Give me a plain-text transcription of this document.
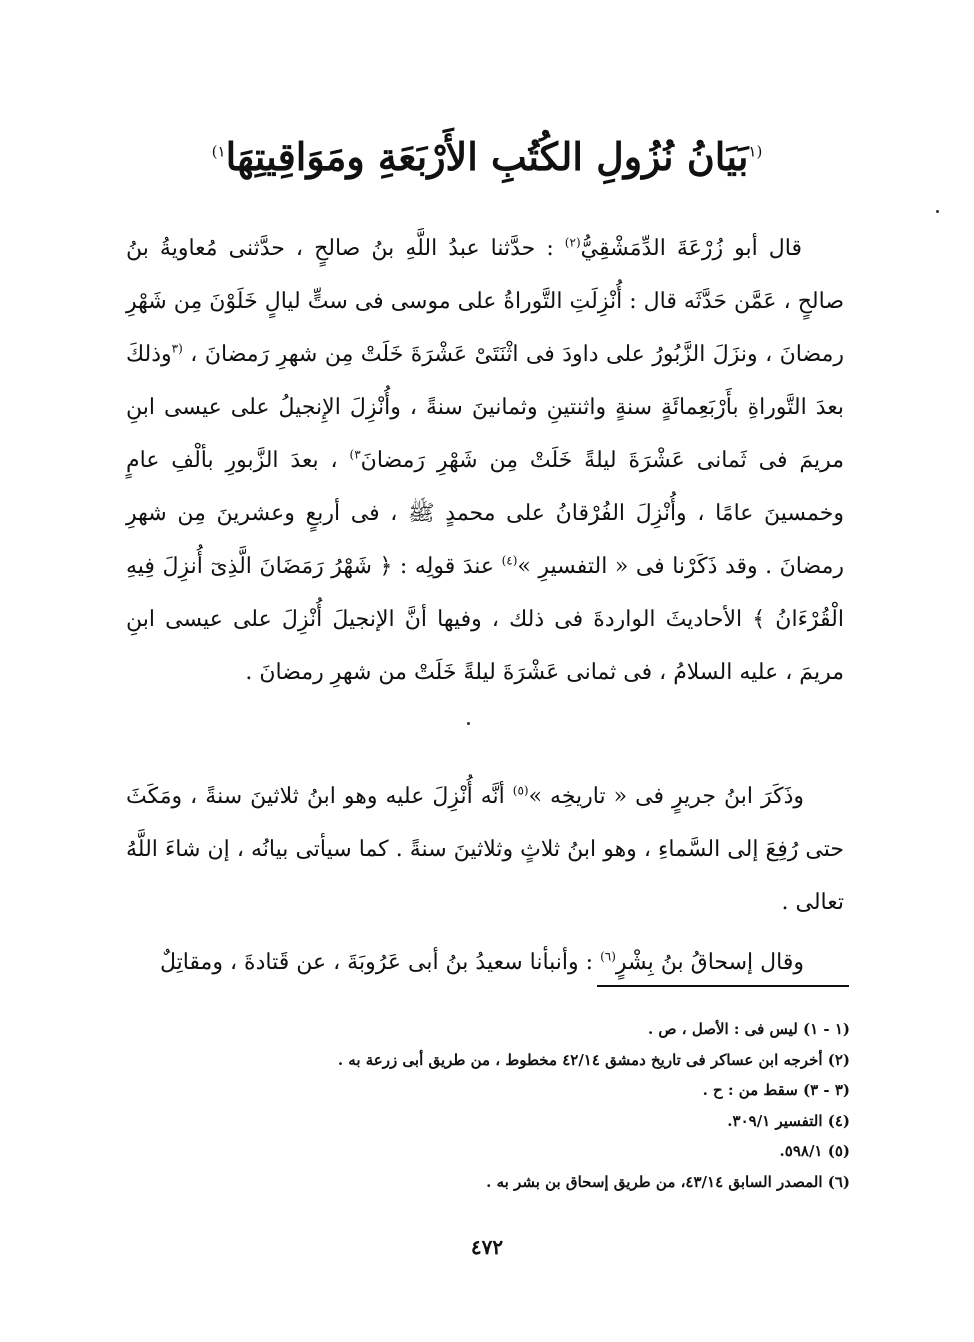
$^{(١}$بَيَانُ نُزُولِ الكُتُبِ الأَرْبَعَةِ ومَوَاقِيتِهَا$^{١)}$

قال أبو زُرْعَةَ الدِّمَشْقِيُّ$^{(٢)}$ : حدَّثنا عبدُ اللَّهِ بنُ صالحٍ ، حدَّثنى مُعاويةُ بنُ صالحٍ ، عَمَّن حَدَّثَه قال : أُنْزِلَتِ التَّوراةُ على موسى فى ستٍّ ليالٍ خَلَوْنَ مِن شَهْرِ رمضانَ ، ونزَلَ الزَّبُورُ على داودَ فى اثْنَتَىْ عَشْرَةَ خَلَتْ مِن شهرِ رَمضانَ ، $^{(٣}$وذلكَ بعدَ التَّوراةِ بأَرْبَعِمائَةٍ سنةٍ واثنتينِ وثمانينَ سنةً ، وأُنْزِلَ الإِنجيلُ على عيسى ابنِ مريمَ فى ثَمانى عَشْرَةَ ليلةً خَلَتْ مِن شَهْرِ رَمضانَ$^{٣)}$ ، بعدَ الزَّبورِ بألْفِ عامٍ وخمسينَ عامًا ، وأُنْزِلَ الفُرْقانُ على محمدٍ ﷺ ، فى أربعٍ وعشرينَ مِن شهرِ رمضانَ . وقد ذَكَرْنا فى « التفسيرِ »$^{(٤)}$ عندَ قولِه : ﴿ شَهْرُ رَمَضَانَ الَّذِىٓ أُنزِلَ فِيهِ الْقُرْءَانُ ﴾ الأحاديثَ الواردةَ فى ذلك ، وفيها أنَّ الإنجيلَ أُنْزِلَ على عيسى ابنِ مريمَ ، عليه السلامُ ، فى ثمانى عَشْرَةَ ليلةً خَلَتْ من شهرِ رمضانَ .

وذَكَرَ ابنُ جريرٍ فى « تاريخِه »$^{(٥)}$ أنَّه أُنْزِلَ عليه وهو ابنُ ثلاثينَ سنةً ، ومَكَثَ حتى رُفِعَ إلى السَّماءِ ، وهو ابنُ ثلاثٍ وثلاثينَ سنةً . كما سيأتى بيانُه ، إن شاءَ اللَّهُ تعالى .

وقال إسحاقُ بنُ بِشْرٍ$^{(٦)}$ : وأنبأنا سعيدُ بنُ أبى عَرُوبَةَ ، عن قَتادةَ ، ومقاتِلٌ

(١ - ١) ليس فى : الأصل ، ص .
(٢) أخرجه ابن عساكر فى تاريخ دمشق ٤٢/١٤ مخطوط ، من طريق أبى زرعة به .
(٣ - ٣) سقط من : ح .
(٤) التفسير ٣٠٩/١.
(٥) ٥٩٨/١.
(٦) المصدر السابق ٤٣/١٤، من طريق إسحاق بن بشر به .
٤٧٢
